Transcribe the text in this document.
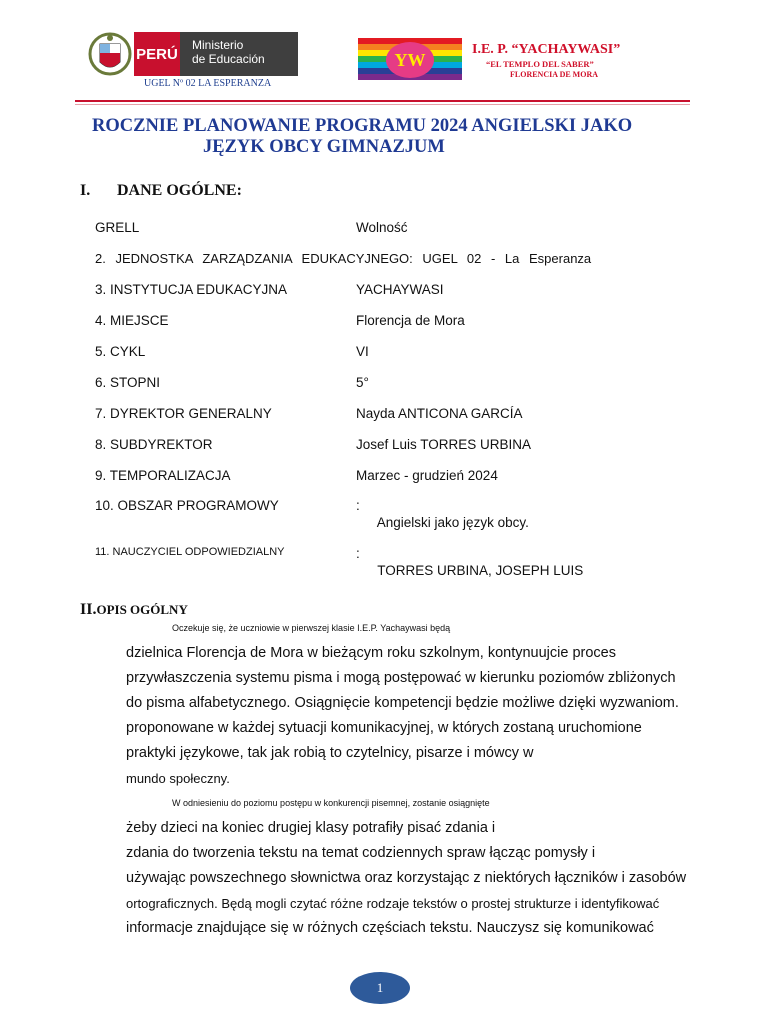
PERÚ
Ministerio
de Educación
UGEL Nº 02 LA ESPERANZA
YW	I.E. P. “YACHAYWASI”
“EL TEMPLO DEL SABER”
FLORENCIA DE MORA
ROCZNIE PLANOWANIE PROGRAMU 2024 ANGIELSKI JAKO
JĘZYK OBCY GIMNAZJUM
I. DANE OGÓLNE:
GRELL	Wolność
2. JEDNOSTKA ZARZĄDZANIA EDUKACYJNEGO: UGEL 02 - La Esperanza
3. INSTYTUCJA EDUKACYJNA	YACHAYWASI
4. MIEJSCE	Florencja de Mora
5. CYKL	VI
6. STOPNI	5°
7. DYREKTOR GENERALNY	Nayda ANTICONA GARCÍA
8. SUBDYREKTOR	Josef Luis TORRES URBINA
9. TEMPORALIZACJA	Marzec - grudzień 2024
10. OBSZAR PROGRAMOWY	:
Angielski jako język obcy.
11. NAUCZYCIEL ODPOWIEDZIALNY	:
TORRES URBINA, JOSEPH LUIS
II.OPIS OGÓLNY
Oczekuje się, że uczniowie w pierwszej klasie I.E.P. Yachaywasi będą
dzielnica Florencja de Mora w bieżącym roku szkolnym, kontynuujcie proces
przywłaszczenia systemu pisma i mogą postępować w kierunku poziomów zbliżonych
do pisma alfabetycznego. Osiągnięcie kompetencji będzie możliwe dzięki wyzwaniom.
proponowane w każdej sytuacji komunikacyjnej, w których zostaną uruchomione
praktyki językowe, tak jak robią to czytelnicy, pisarze i mówcy w
mundo społeczny.
W odniesieniu do poziomu postępu w konkurencji pisemnej, zostanie osiągnięte
żeby dzieci na koniec drugiej klasy potrafiły pisać zdania i
zdania do tworzenia tekstu na temat codziennych spraw łącząc pomysły i
używając powszechnego słownictwa oraz korzystając z niektórych łączników i zasobów
ortograficznych. Będą mogli czytać różne rodzaje tekstów o prostej strukturze i identyfikować
informacje znajdujące się w różnych częściach tekstu. Nauczysz się komunikować
1
